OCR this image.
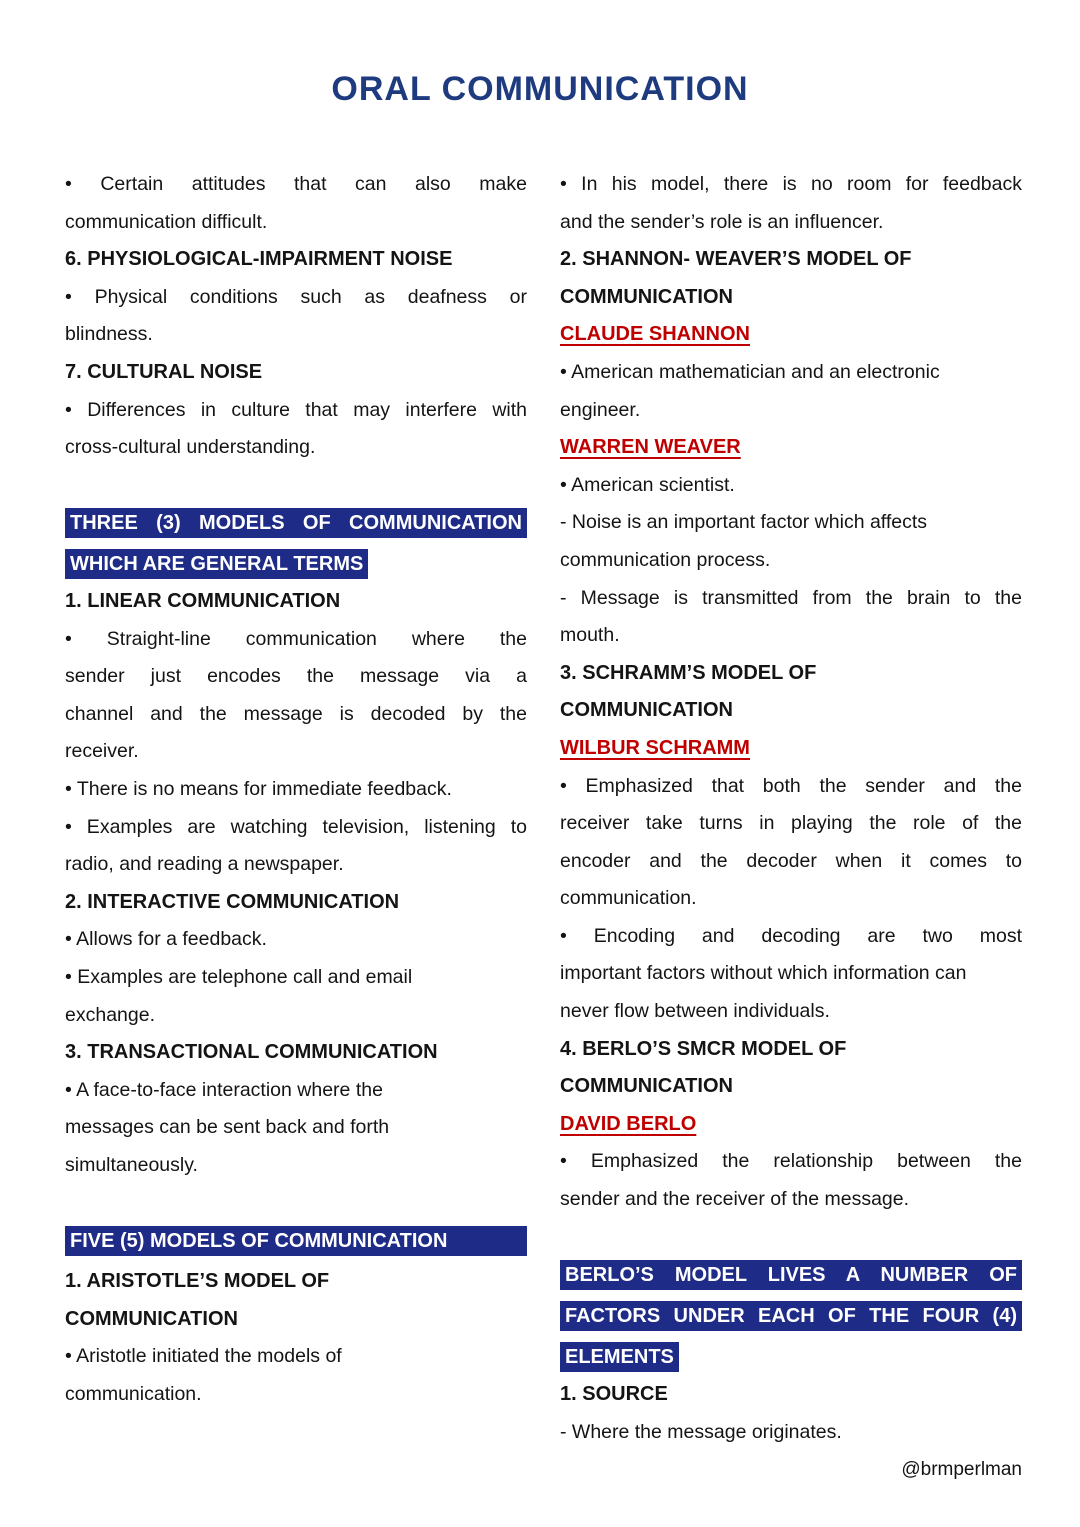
ORAL COMMUNICATION
• Certain attitudes that can also make
communication difficult.
6. PHYSIOLOGICAL-IMPAIRMENT NOISE
• Physical conditions such as deafness or
blindness.
7. CULTURAL NOISE
• Differences in culture that may interfere with
cross-cultural understanding.
THREE (3) MODELS OF COMMUNICATION
WHICH ARE GENERAL TERMS
1. LINEAR COMMUNICATION
• Straight-line communication where the
sender just encodes the message via a
channel and the message is decoded by the
receiver.
• There is no means for immediate feedback.
• Examples are watching television, listening to
radio, and reading a newspaper.
2. INTERACTIVE COMMUNICATION
• Allows for a feedback.
• Examples are telephone call and email
exchange.
3. TRANSACTIONAL COMMUNICATION
• A face-to-face interaction where the
messages can be sent back and forth
simultaneously.
FIVE (5) MODELS OF COMMUNICATION
1. ARISTOTLE’S MODEL OF
COMMUNICATION
• Aristotle initiated the models of
communication.
• In his model, there is no room for feedback
and the sender’s role is an influencer.
2. SHANNON- WEAVER’S MODEL OF
COMMUNICATION
CLAUDE SHANNON
• American mathematician and an electronic
engineer.
WARREN WEAVER
• American scientist.
- Noise is an important factor which affects
communication process.
- Message is transmitted from the brain to the
mouth.
3. SCHRAMM’S MODEL OF
COMMUNICATION
WILBUR SCHRAMM
• Emphasized that both the sender and the
receiver take turns in playing the role of the
encoder and the decoder when it comes to
communication.
• Encoding and decoding are two most
important factors without which information can
never flow between individuals.
4. BERLO’S SMCR MODEL OF
COMMUNICATION
DAVID BERLO
• Emphasized the relationship between the
sender and the receiver of the message.
BERLO’S MODEL LIVES A NUMBER OF
FACTORS UNDER EACH OF THE FOUR (4)
ELEMENTS
1. SOURCE
- Where the message originates.
@brmperlman
